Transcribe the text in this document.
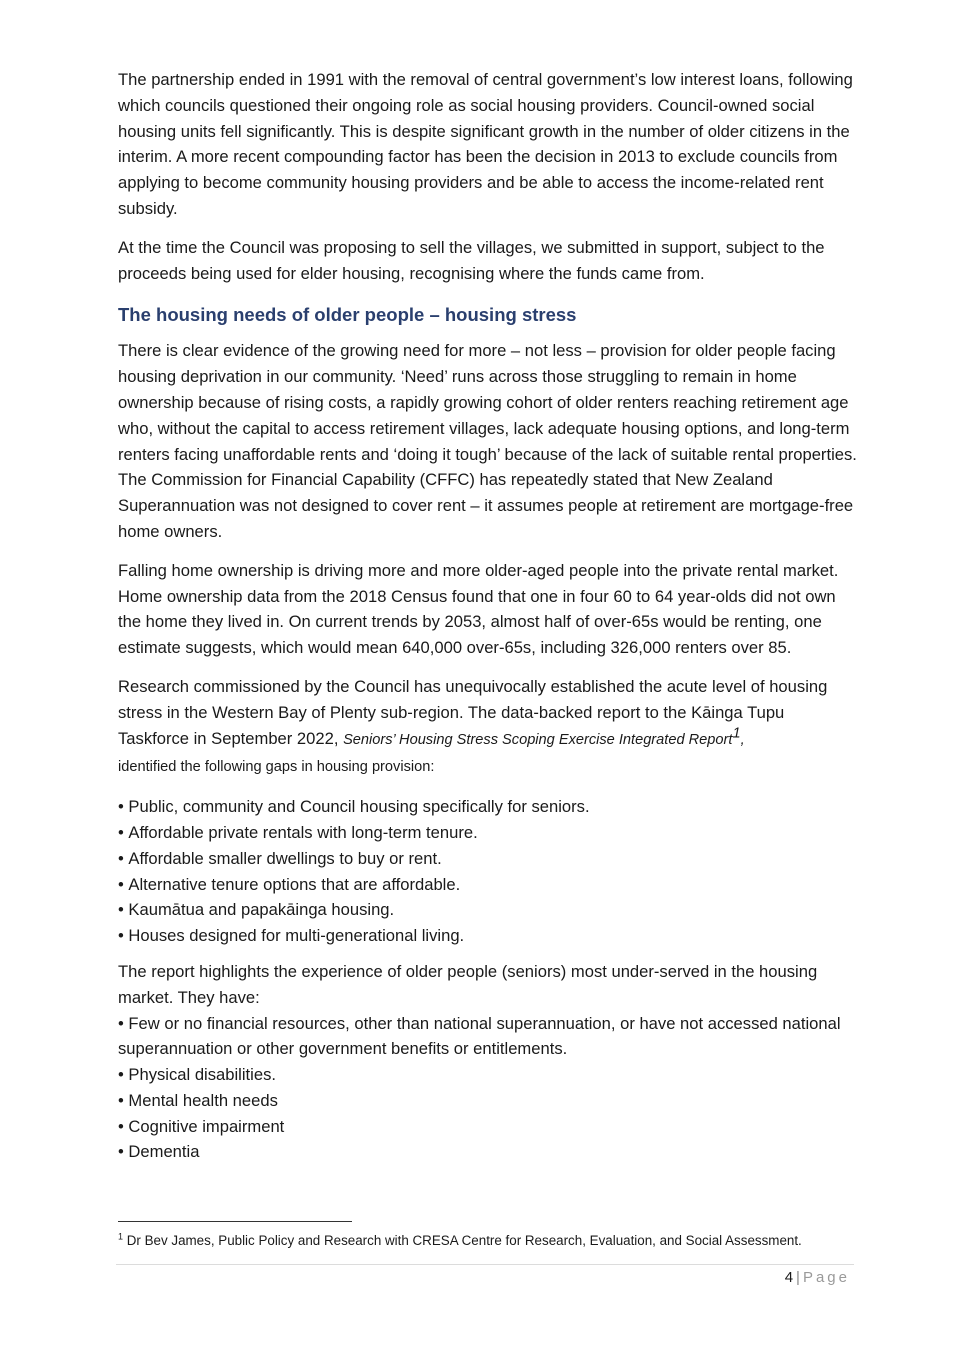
The partnership ended in 1991 with the removal of central government’s low interest loans, following which councils questioned their ongoing role as social housing providers. Council-owned social housing units fell significantly. This is despite significant growth in the number of older citizens in the interim. A more recent compounding factor has been the decision in 2013 to exclude councils from applying to become community housing providers and be able to access the income-related rent subsidy.

At the time the Council was proposing to sell the villages, we submitted in support, subject to the proceeds being used for elder housing, recognising where the funds came from.

The housing needs of older people – housing stress

There is clear evidence of the growing need for more – not less – provision for older people facing housing deprivation in our community. ‘Need’ runs across those struggling to remain in home ownership because of rising costs, a rapidly growing cohort of older renters reaching retirement age who, without the capital to access retirement villages, lack adequate housing options, and long-term renters facing unaffordable rents and ‘doing it tough’ because of the lack of suitable rental properties. The Commission for Financial Capability (CFFC) has repeatedly stated that New Zealand Superannuation was not designed to cover rent – it assumes people at retirement are mortgage-free home owners.

Falling home ownership is driving more and more older-aged people into the private rental market. Home ownership data from the 2018 Census found that one in four 60 to 64 year-olds did not own the home they lived in. On current trends by 2053, almost half of over-65s would be renting, one estimate suggests, which would mean 640,000 over-65s, including 326,000 renters over 85.

Research commissioned by the Council has unequivocally established the acute level of housing stress in the Western Bay of Plenty sub-region. The data-backed report to the Kāinga Tupu Taskforce in September 2022, Seniors’ Housing Stress Scoping Exercise Integrated Report$^1$,
identified the following gaps in housing provision:

• Public, community and Council housing specifically for seniors.
• Affordable private rentals with long-term tenure.
• Affordable smaller dwellings to buy or rent.
• Alternative tenure options that are affordable.
• Kaumātua and papakāinga housing.
• Houses designed for multi-generational living.

The report highlights the experience of older people (seniors) most under-served in the housing market. They have:

• Few or no financial resources, other than national superannuation, or have not accessed national superannuation or other government benefits or entitlements.
• Physical disabilities.
• Mental health needs
• Cognitive impairment
• Dementia
$^1$ Dr Bev James, Public Policy and Research with CRESA Centre for Research, Evaluation, and Social Assessment.
4 | Page
